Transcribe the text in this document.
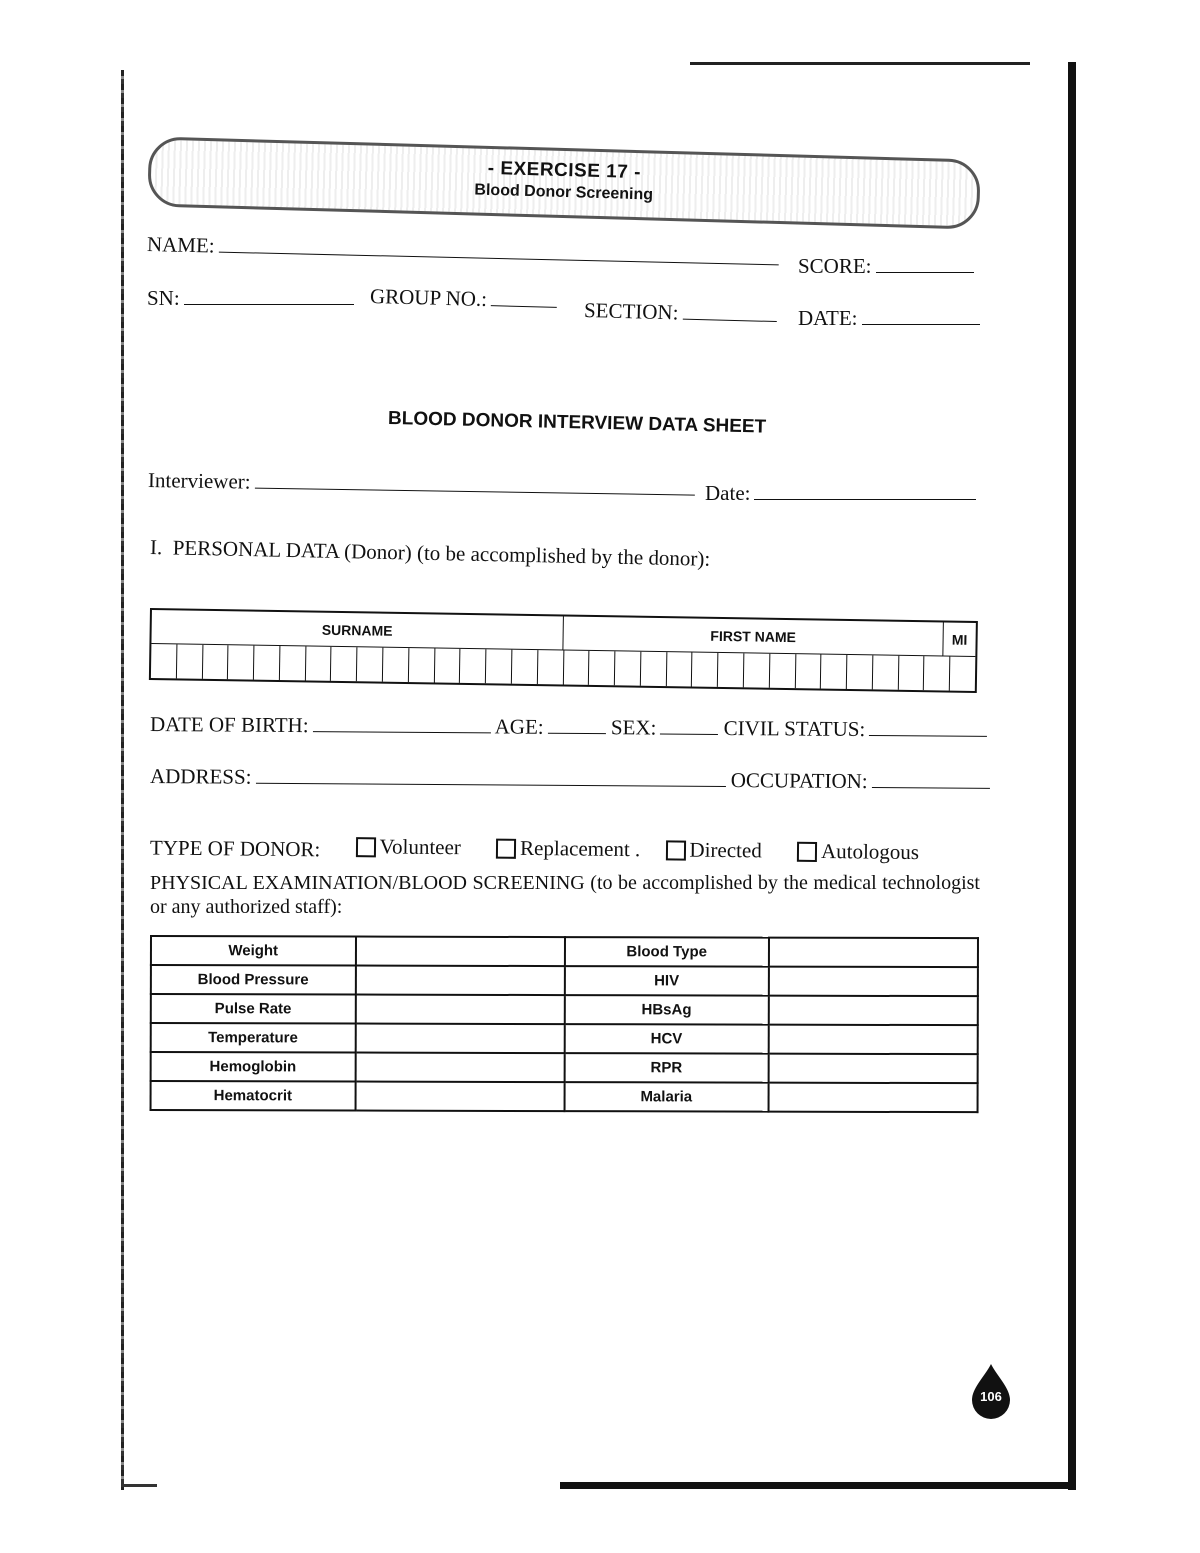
- EXERCISE 17 -
Blood Donor Screening
NAME:
SCORE:
SN:	GROUP NO.:
SECTION:	DATE:
BLOOD DONOR INTERVIEW DATA SHEET
Interviewer:	Date:
I. PERSONAL DATA (Donor) (to be accomplished by the donor):
SURNAME	FIRST NAME	MI
DATE OF BIRTH:	AGE:	SEX:	CIVIL STATUS:
ADDRESS:	OCCUPATION:
TYPE OF DONOR:	Volunteer
	Replacement .
Directed
	Autologous
PHYSICAL EXAMINATION/BLOOD SCREENING (to be accomplished by the medical technologist or any authorized staff):
Weight		Blood Type	
Blood Pressure		HIV	
Pulse Rate		HBsAg	
Temperature		HCV	
Hemoglobin		RPR	
Hematocrit		Malaria	
106
